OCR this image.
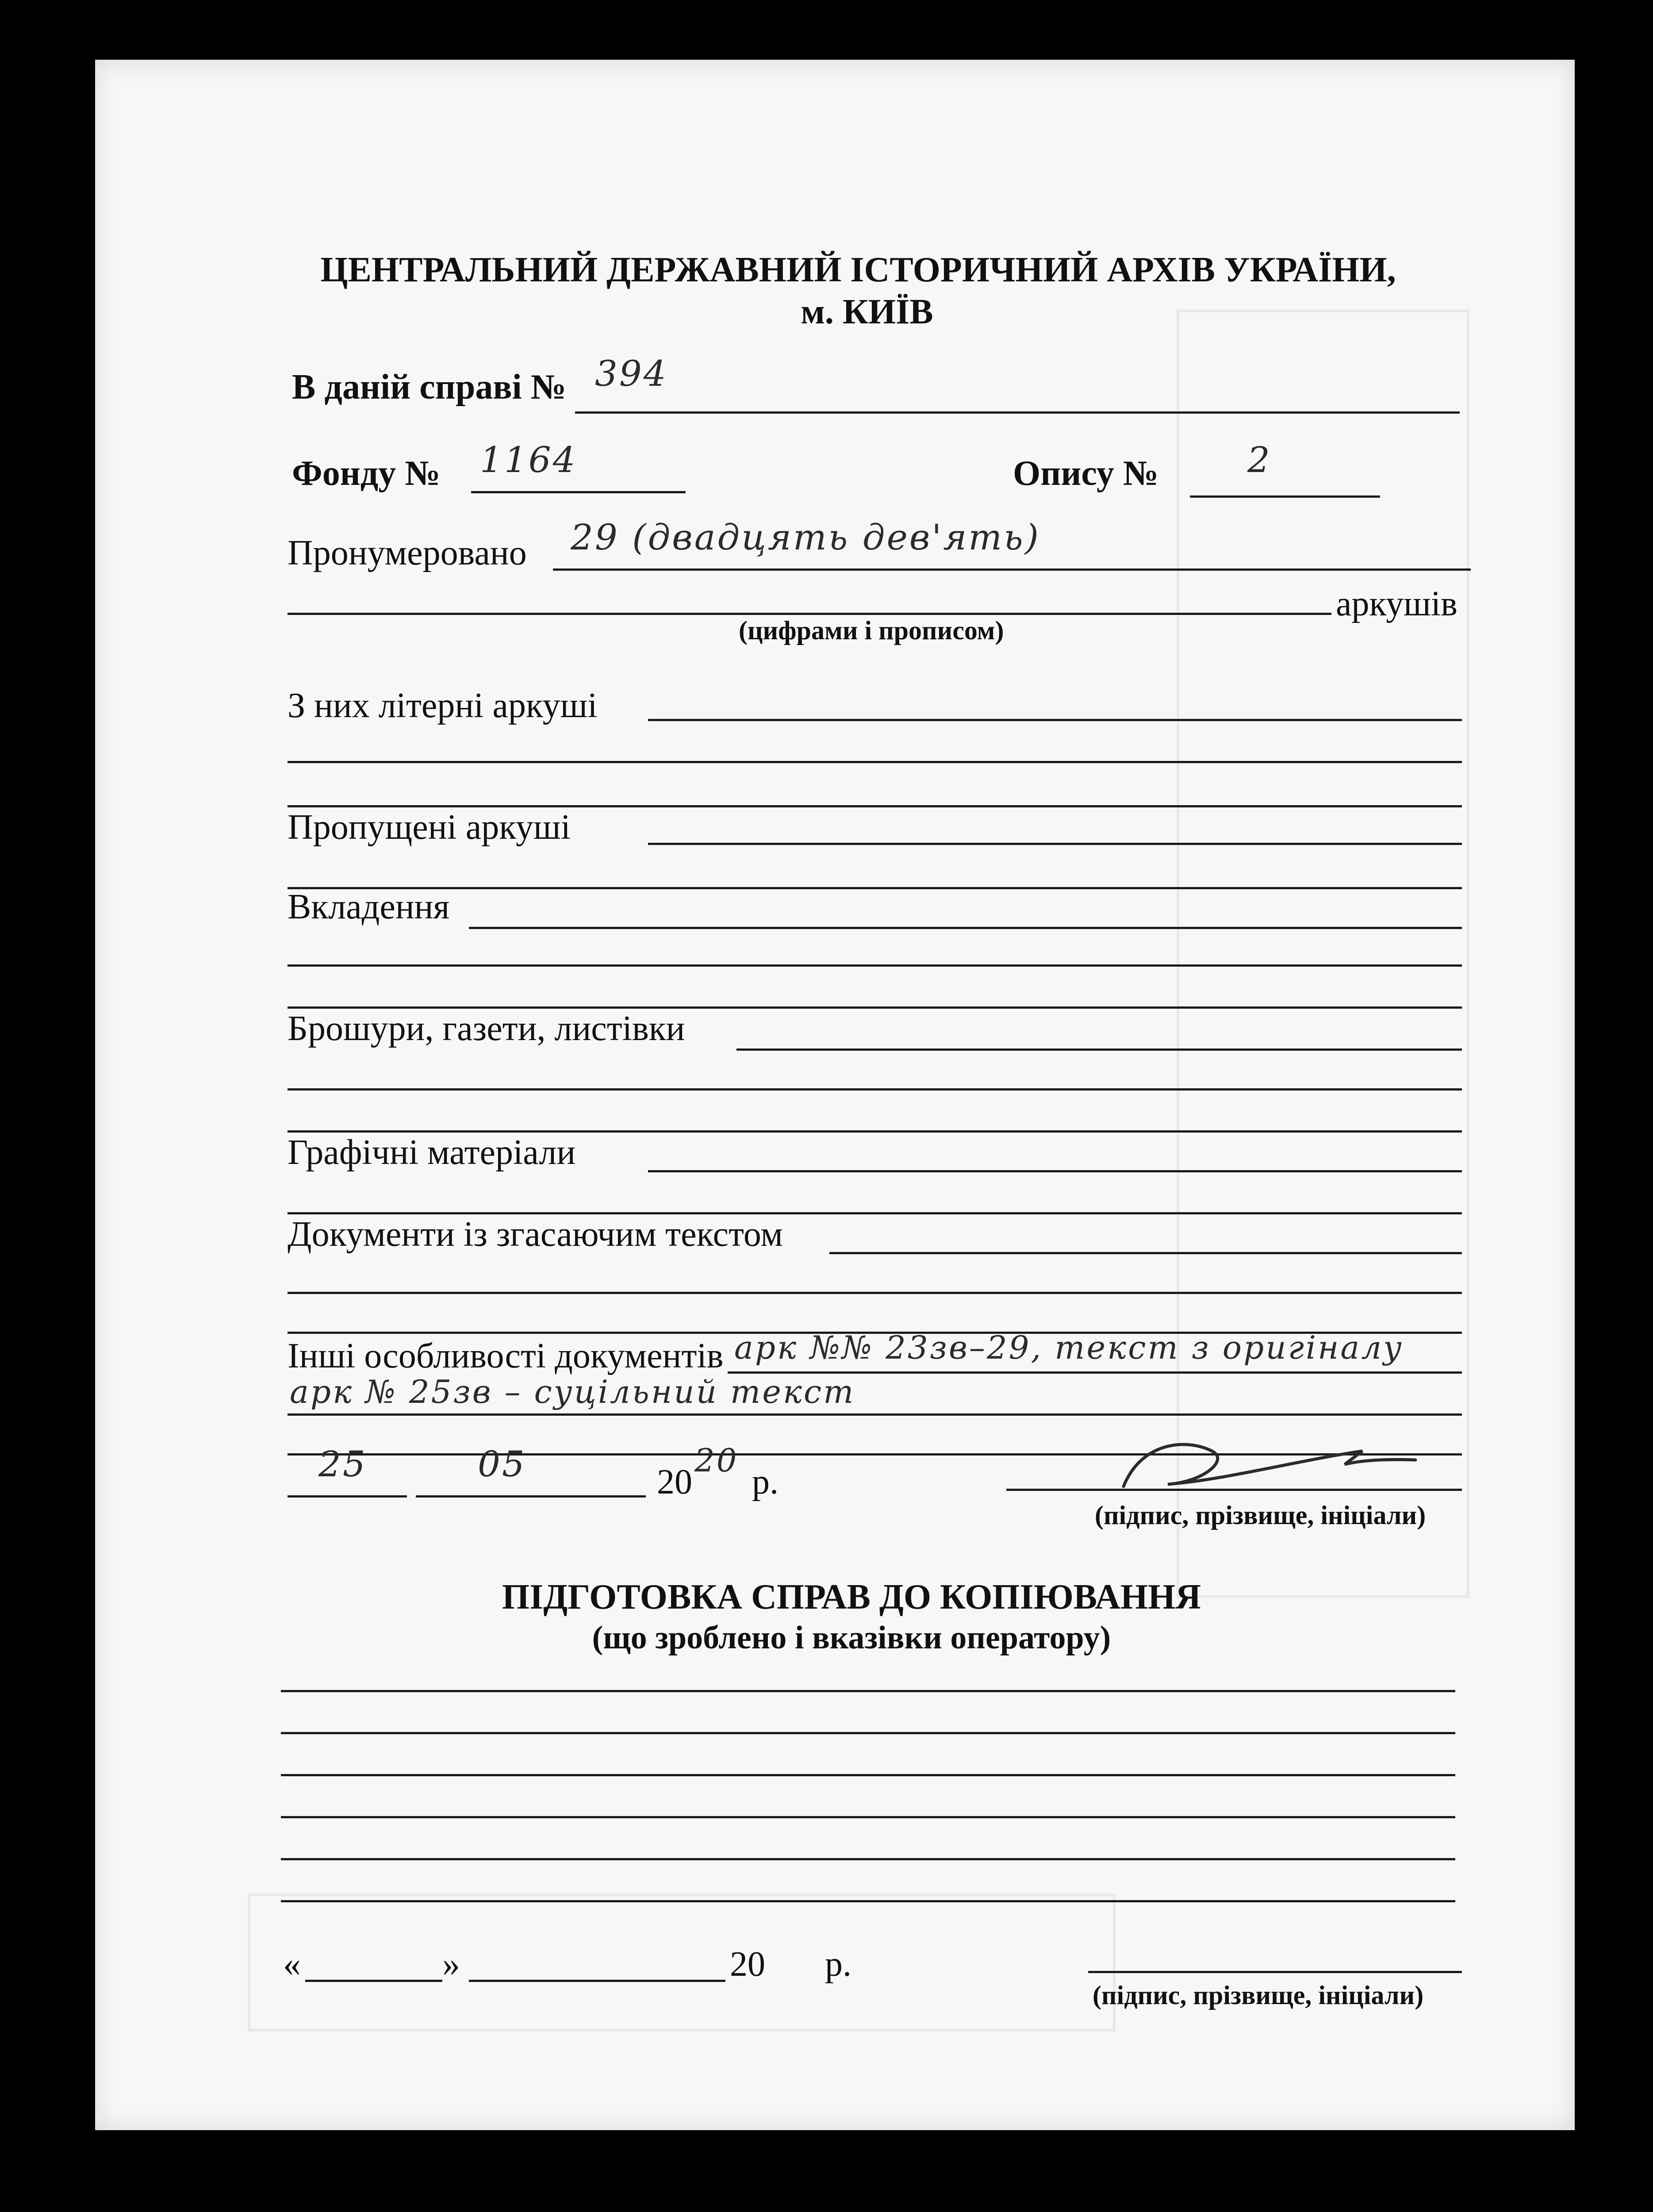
ЦЕНТРАЛЬНИЙ ДЕРЖАВНИЙ ІСТОРИЧНИЙ АРХІВ УКРАЇНИ,
м. КИЇВ
В даній справі № 394
Фонду № 1164	Опису №	2
Пронумеровано 29 (двадцять дев'ять)
аркушів
(цифрами і прописом)
З них літерні аркуші
Пропущені аркуші
Вкладення
Брошури, газети, листівки
Графічні матеріали
Документи із згасаючим текстом
Інші особливості документів арк №№ 23зв–29, текст з оригіналу
арк № 25зв – суцільний текст
25	05	20
20
р.
(підпис, прізвище, ініціали)
ПІДГОТОВКА СПРАВ ДО КОПІЮВАННЯ
(що зроблено і вказівки оператору)
«	»	20 р.
(підпис, прізвище, ініціали)
